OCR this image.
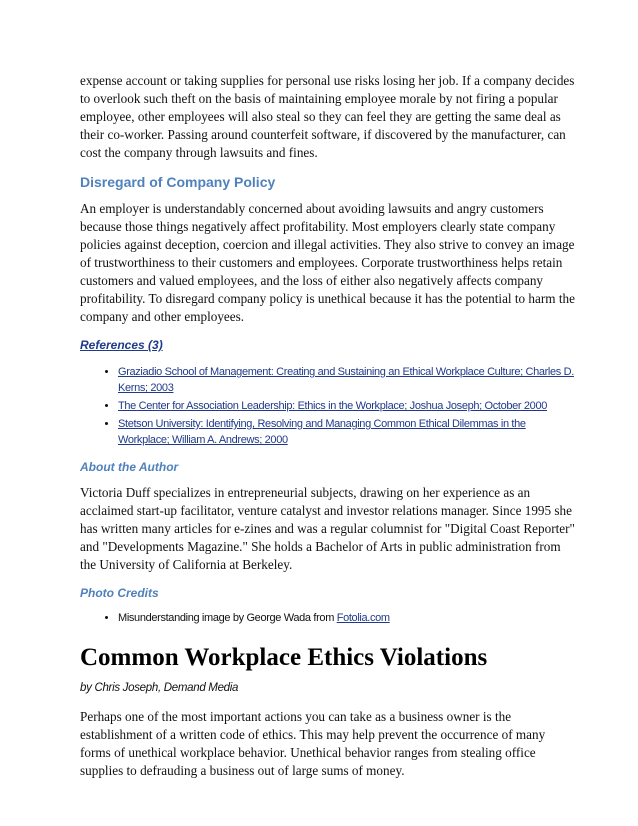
expense account or taking supplies for personal use risks losing her job. If a company decides to overlook such theft on the basis of maintaining employee morale by not firing a popular employee, other employees will also steal so they can feel they are getting the same deal as their co-worker. Passing around counterfeit software, if discovered by the manufacturer, can cost the company through lawsuits and fines.

Disregard of Company Policy

An employer is understandably concerned about avoiding lawsuits and angry customers because those things negatively affect profitability. Most employers clearly state company policies against deception, coercion and illegal activities. They also strive to convey an image of trustworthiness to their customers and employees. Corporate trustworthiness helps retain customers and valued employees, and the loss of either also negatively affects company profitability. To disregard company policy is unethical because it has the potential to harm the company and other employees.

References (3)
• Graziadio School of Management: Creating and Sustaining an Ethical Workplace Culture; Charles D. Kerns; 2003
• The Center for Association Leadership: Ethics in the Workplace; Joshua Joseph; October 2000
• Stetson University: Identifying, Resolving and Managing Common Ethical Dilemmas in the Workplace; William A. Andrews; 2000
About the Author

Victoria Duff specializes in entrepreneurial subjects, drawing on her experience as an acclaimed start-up facilitator, venture catalyst and investor relations manager. Since 1995 she has written many articles for e-zines and was a regular columnist for "Digital Coast Reporter" and "Developments Magazine." She holds a Bachelor of Arts in public administration from the University of California at Berkeley.

Photo Credits
• Misunderstanding image by George Wada from Fotolia.com
Common Workplace Ethics Violations

by Chris Joseph, Demand Media

Perhaps one of the most important actions you can take as a business owner is the establishment of a written code of ethics. This may help prevent the occurrence of many forms of unethical workplace behavior. Unethical behavior ranges from stealing office supplies to defrauding a business out of large sums of money.
